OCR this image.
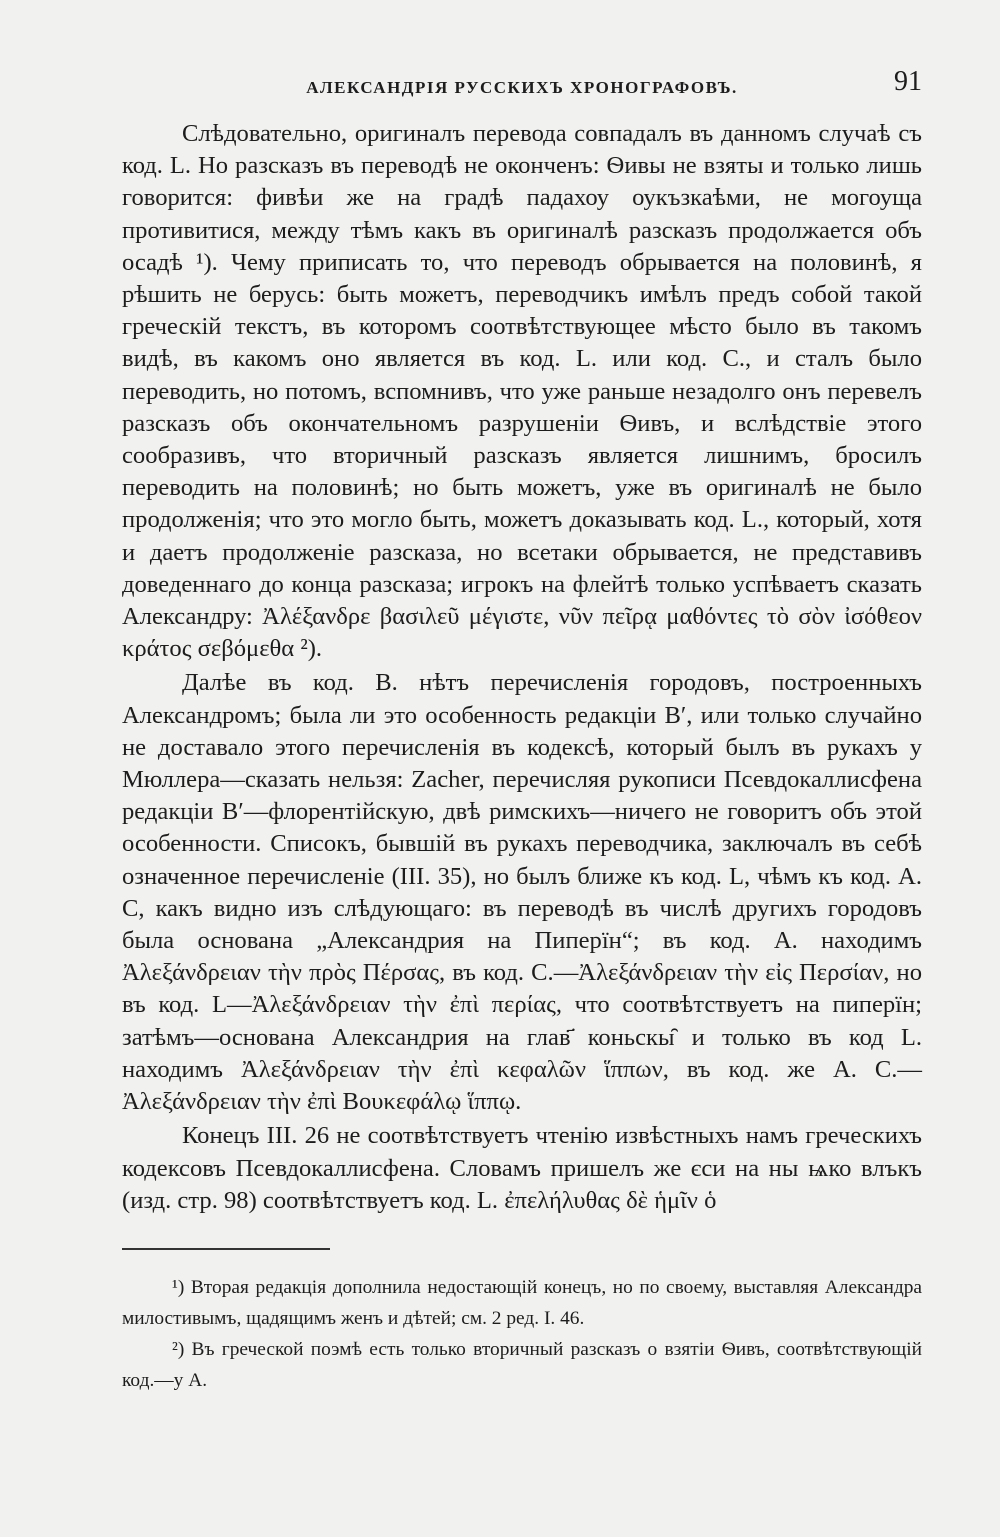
АЛЕКСАНДРІЯ РУССКИХЪ ХРОНОГРАФОВЪ.	91

Слѣдовательно, оригиналъ перевода совпадалъ въ данномъ случаѣ съ код. L. Но разсказъ въ переводѣ не оконченъ: Ѳивы не взяты и только лишь говорится: фивѣи же на градѣ падахоу оукъзкаѣми, не могоуща противитися, между тѣмъ какъ въ оригиналѣ разсказъ продолжается объ осадѣ ¹). Чему приписать то, что переводъ обрывается на половинѣ, я рѣшить не берусь: быть можетъ, переводчикъ имѣлъ предъ собой такой греческій текстъ, въ которомъ соотвѣтствующее мѣсто было въ такомъ видѣ, въ какомъ оно является въ код. L. или код. C., и сталъ было переводить, но потомъ, вспомнивъ, что уже раньше незадолго онъ перевелъ разсказъ объ окончательномъ разрушеніи Ѳивъ, и вслѣдствіе этого сообразивъ, что вторичный разсказъ является лишнимъ, бросилъ переводить на половинѣ; но быть можетъ, уже въ оригиналѣ не было продолженія; что это могло быть, можетъ доказывать код. L., который, хотя и даетъ продолженіе разсказа, но всетаки обрывается, не представивъ доведеннаго до конца разсказа; игрокъ на флейтѣ только успѣваетъ сказать Александру: Ἀλέξανδρε βασιλεῦ μέγιστε, νῦν πεῖρᾳ μαθόντες τὸ σὸν ἰσόθεον κράτος σεβόμεθα ²).

Далѣе въ код. B. нѣтъ перечисленія городовъ, построенныхъ Александромъ; была ли это особенность редакціи B′, или только случайно не доставало этого перечисленія въ кодексѣ, который былъ въ рукахъ у Мюллера—сказать нельзя: Zacher, перечисляя рукописи Псевдокаллисфена редакціи B′—флорентійскую, двѣ римскихъ—ничего не говоритъ объ этой особенности. Списокъ, бывшій въ рукахъ переводчика, заключалъ въ себѣ означенное перечисленіе (III. 35), но былъ ближе къ код. L, чѣмъ къ код. A. C, какъ видно изъ слѣдующаго: въ переводѣ въ числѣ другихъ городовъ была основана „Александрия на Пиперїн“; въ код. A. находимъ Ἀλεξάνδρειαν τὴν πρὸς Πέρσας, въ код. C.—Ἀλεξάνδρειαν τὴν εἰς Περσίαν, но въ код. L—Ἀλεξάνδρειαν τὴν ἐπὶ περίας, что соотвѣтствуетъ на пиперїн; затѣмъ—основана Александрия на глав҃ коньскы̑ и только въ код L. находимъ Ἀλεξάνδρειαν τὴν ἐπὶ κεφαλῶν ἵππων, въ код. же A. C.—Ἀλεξάνδρειαν τὴν ἐπὶ Βουκεφάλῳ ἵππῳ.

Конецъ III. 26 не соотвѣтствуетъ чтенію извѣстныхъ намъ греческихъ кодексовъ Псевдокаллисфена. Словамъ пришелъ же єси на ны ѩко влъкъ (изд. стр. 98) соотвѣтствуетъ код. L. ἐπελήλυθας δὲ ἡμῖν ὁ

¹) Вторая редакція дополнила недостающій конецъ, но по своему, выставляя Александра милостивымъ, щадящимъ женъ и дѣтей; см. 2 ред. I. 46.

²) Въ греческой поэмѣ есть только вторичный разсказъ о взятіи Ѳивъ, соотвѣтствующій код.—у A.
